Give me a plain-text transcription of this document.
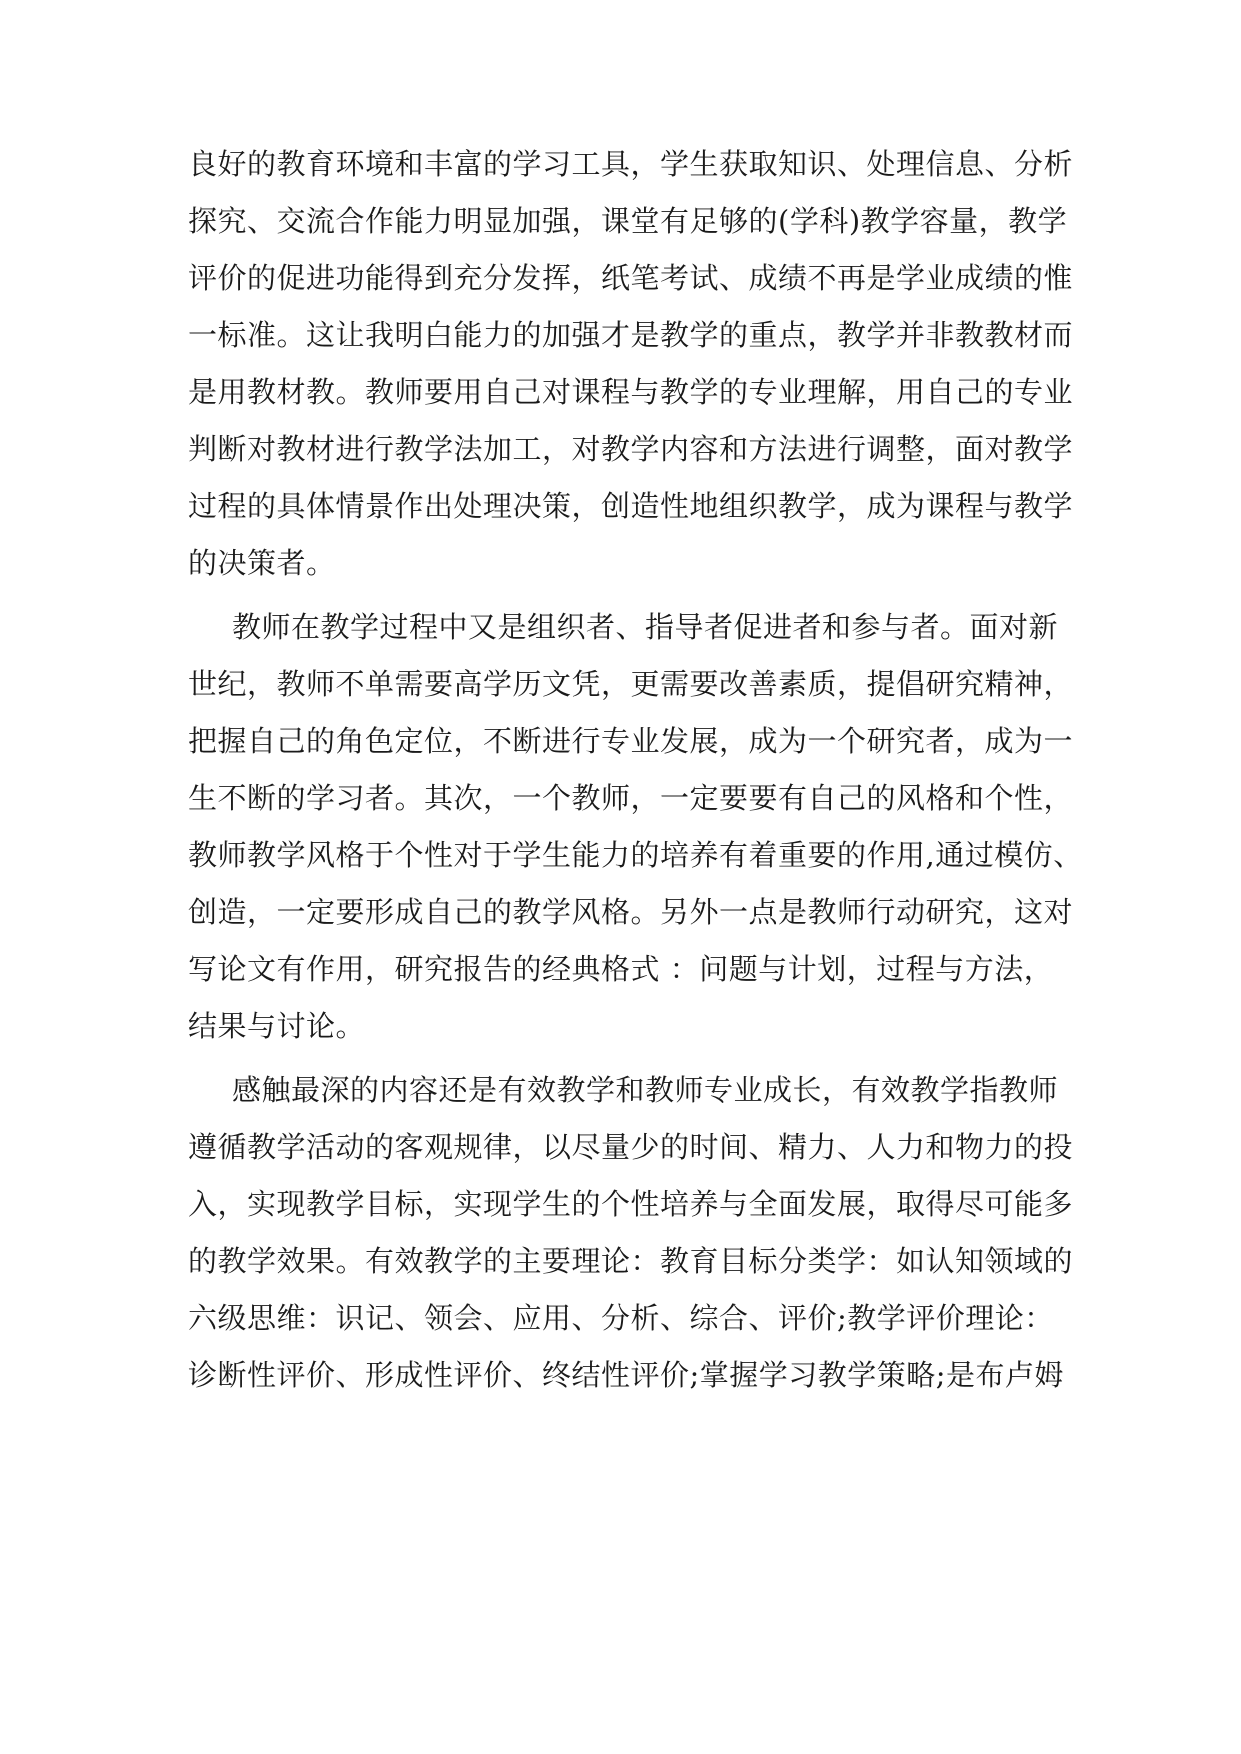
良好的教育环境和丰富的学习工具，学生获取知识、处理信息、分析
探究、交流合作能力明显加强，课堂有足够的(学科)教学容量，教学
评价的促进功能得到充分发挥，纸笔考试、成绩不再是学业成绩的惟
一标准。这让我明白能力的加强才是教学的重点，教学并非教教材而
是用教材教。教师要用自己对课程与教学的专业理解，用自己的专业
判断对教材进行教学法加工，对教学内容和方法进行调整，面对教学
过程的具体情景作出处理决策，创造性地组织教学，成为课程与教学
的决策者。
教师在教学过程中又是组织者、指导者促进者和参与者。面对新
世纪，教师不单需要高学历文凭，更需要改善素质，提倡研究精神，
把握自己的角色定位，不断进行专业发展，成为一个研究者，成为一
生不断的学习者。其次，一个教师，一定要要有自己的风格和个性，
教师教学风格于个性对于学生能力的培养有着重要的作用,通过模仿、
创造，一定要形成自己的教学风格。另外一点是教师行动研究，这对
写论文有作用，研究报告的经典格式 ：问题与计划，过程与方法，
结果与讨论。
感触最深的内容还是有效教学和教师专业成长，有效教学指教师
遵循教学活动的客观规律，以尽量少的时间、精力、人力和物力的投
入，实现教学目标，实现学生的个性培养与全面发展，取得尽可能多
的教学效果。有效教学的主要理论：教育目标分类学：如认知领域的
六级思维：识记、领会、应用、分析、综合、评价;教学评价理论：
诊断性评价、形成性评价、终结性评价;掌握学习教学策略;是布卢姆
